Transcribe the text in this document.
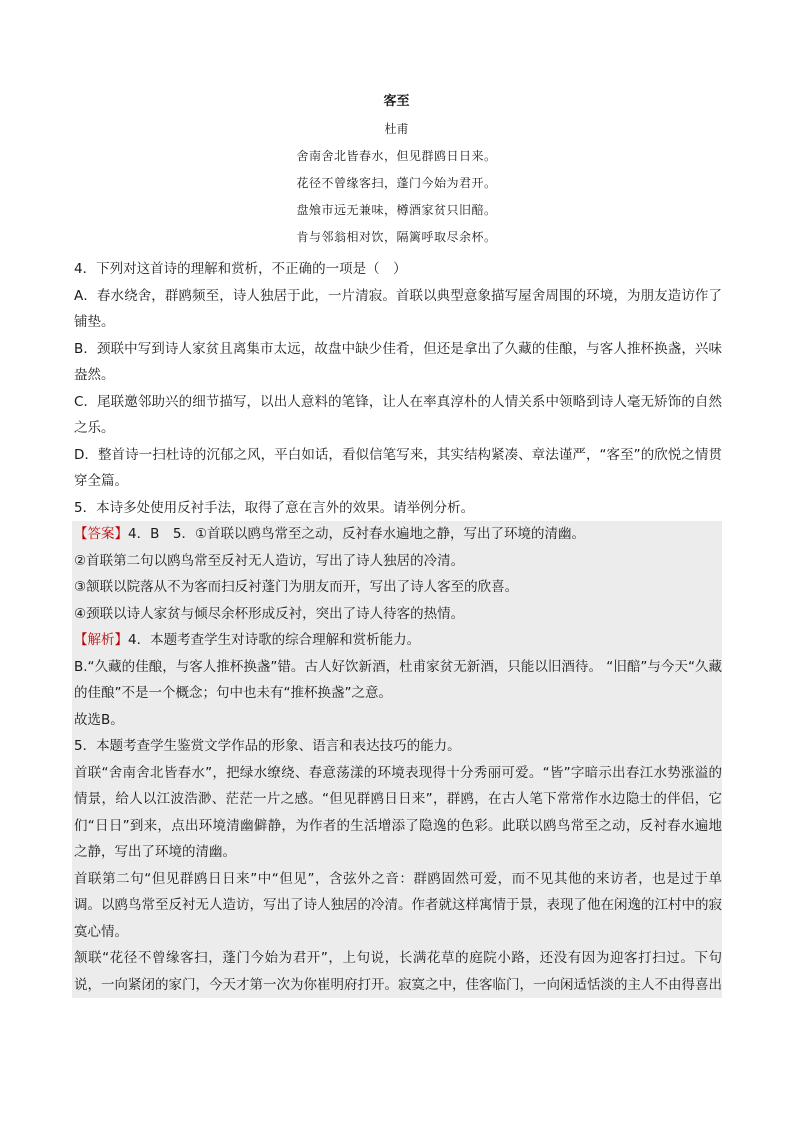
客至
杜甫
舍南舍北皆春水，但见群鸥日日来。
花径不曾缘客扫，蓬门今始为君开。
盘飧市远无兼味，樽酒家贫只旧醅。
肯与邻翁相对饮，隔篱呼取尽余杯。

4．下列对这首诗的理解和赏析，不正确的一项是（　）

A．春水绕舍，群鸥频至，诗人独居于此，一片清寂。首联以典型意象描写屋舍周围的环境，为朋友造访作了铺垫。

B．颈联中写到诗人家贫且离集市太远，故盘中缺少佳肴，但还是拿出了久藏的佳酿，与客人推杯换盏，兴味盎然。

C．尾联邀邻助兴的细节描写，以出人意料的笔锋，让人在率真淳朴的人情关系中领略到诗人毫无矫饰的自然之乐。

D．整首诗一扫杜诗的沉郁之风，平白如话，看似信笔写来，其实结构紧凑、章法谨严，“客至”的欣悦之情贯穿全篇。

5．本诗多处使用反衬手法，取得了意在言外的效果。请举例分析。

【答案】4．B　5．①首联以鸥鸟常至之动，反衬春水遍地之静，写出了环境的清幽。

②首联第二句以鸥鸟常至反衬无人造访，写出了诗人独居的冷清。

③颔联以院落从不为客而扫反衬蓬门为朋友而开，写出了诗人客至的欣喜。

④颈联以诗人家贫与倾尽余杯形成反衬，突出了诗人待客的热情。

【解析】4．本题考查学生对诗歌的综合理解和赏析能力。

B.“久藏的佳酿，与客人推杯换盏”错。古人好饮新酒，杜甫家贫无新酒，只能以旧酒待。 “旧醅”与今天“久藏的佳酿”不是一个概念；句中也未有“推杯换盏”之意。

故选B。

5．本题考查学生鉴赏文学作品的形象、语言和表达技巧的能力。

首联“舍南舍北皆春水”，把绿水缭绕、春意荡漾的环境表现得十分秀丽可爱。“皆”字暗示出春江水势涨溢的情景，给人以江波浩渺、茫茫一片之感。“但见群鸥日日来”，群鸥，在古人笔下常常作水边隐士的伴侣，它们“日日”到来，点出环境清幽僻静，为作者的生活增添了隐逸的色彩。此联以鸥鸟常至之动，反衬春水遍地之静，写出了环境的清幽。

首联第二句“但见群鸥日日来”中“但见”，含弦外之音：群鸥固然可爱，而不见其他的来访者，也是过于单调。以鸥鸟常至反衬无人造访，写出了诗人独居的冷清。作者就这样寓情于景，表现了他在闲逸的江村中的寂寞心情。

颔联“花径不曾缘客扫，蓬门今始为君开”，上句说，长满花草的庭院小路，还没有因为迎客打扫过。下句说，一向紧闭的家门，今天才第一次为你崔明府打开。寂寞之中，佳客临门，一向闲适恬淡的主人不由得喜出
